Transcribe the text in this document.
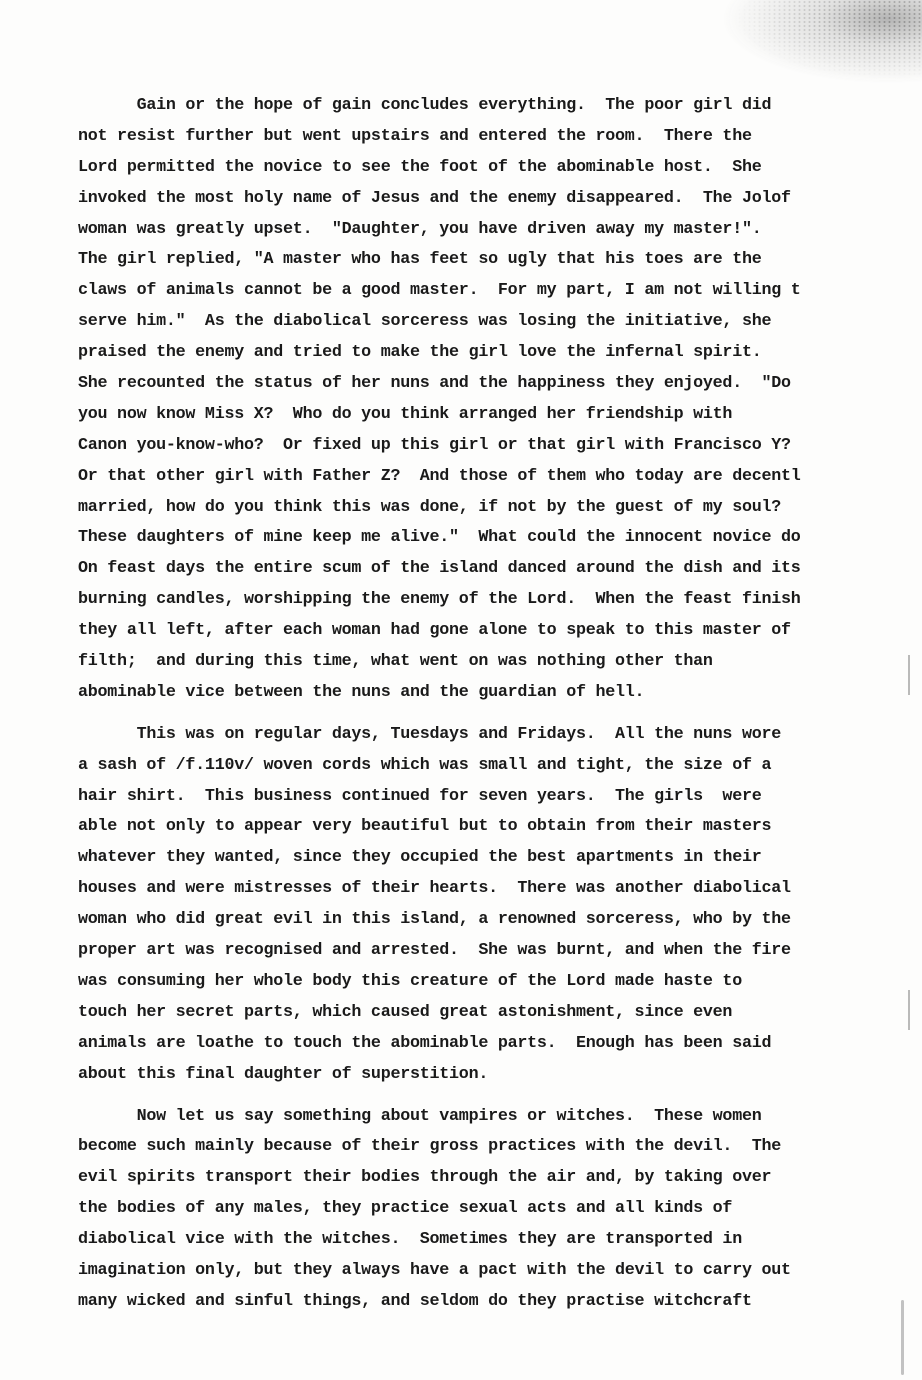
Gain or the hope of gain concludes everything.  The poor girl did
not resist further but went upstairs and entered the room.  There the
Lord permitted the novice to see the foot of the abominable host.  She
invoked the most holy name of Jesus and the enemy disappeared.  The Jolof
woman was greatly upset.  "Daughter, you have driven away my master!".
The girl replied, "A master who has feet so ugly that his toes are the
claws of animals cannot be a good master.  For my part, I am not willing t
serve him."  As the diabolical sorceress was losing the initiative, she
praised the enemy and tried to make the girl love the infernal spirit.
She recounted the status of her nuns and the happiness they enjoyed.  "Do
you now know Miss X?  Who do you think arranged her friendship with
Canon you-know-who?  Or fixed up this girl or that girl with Francisco Y?
Or that other girl with Father Z?  And those of them who today are decentl
married, how do you think this was done, if not by the guest of my soul?
These daughters of mine keep me alive."  What could the innocent novice do
On feast days the entire scum of the island danced around the dish and its
burning candles, worshipping the enemy of the Lord.  When the feast finish
they all left, after each woman had gone alone to speak to this master of
filth;  and during this time, what went on was nothing other than
abominable vice between the nuns and the guardian of hell.
This was on regular days, Tuesdays and Fridays.  All the nuns wore
a sash of /f.110v/ woven cords which was small and tight, the size of a
hair shirt.  This business continued for seven years.  The girls  were
able not only to appear very beautiful but to obtain from their masters
whatever they wanted, since they occupied the best apartments in their
houses and were mistresses of their hearts.  There was another diabolical
woman who did great evil in this island, a renowned sorceress, who by the
proper art was recognised and arrested.  She was burnt, and when the fire
was consuming her whole body this creature of the Lord made haste to
touch her secret parts, which caused great astonishment, since even
animals are loathe to touch the abominable parts.  Enough has been said
about this final daughter of superstition.
Now let us say something about vampires or witches.  These women
become such mainly because of their gross practices with the devil.  The
evil spirits transport their bodies through the air and, by taking over
the bodies of any males, they practice sexual acts and all kinds of
diabolical vice with the witches.  Sometimes they are transported in
imagination only, but they always have a pact with the devil to carry out
many wicked and sinful things, and seldom do they practise witchcraft
